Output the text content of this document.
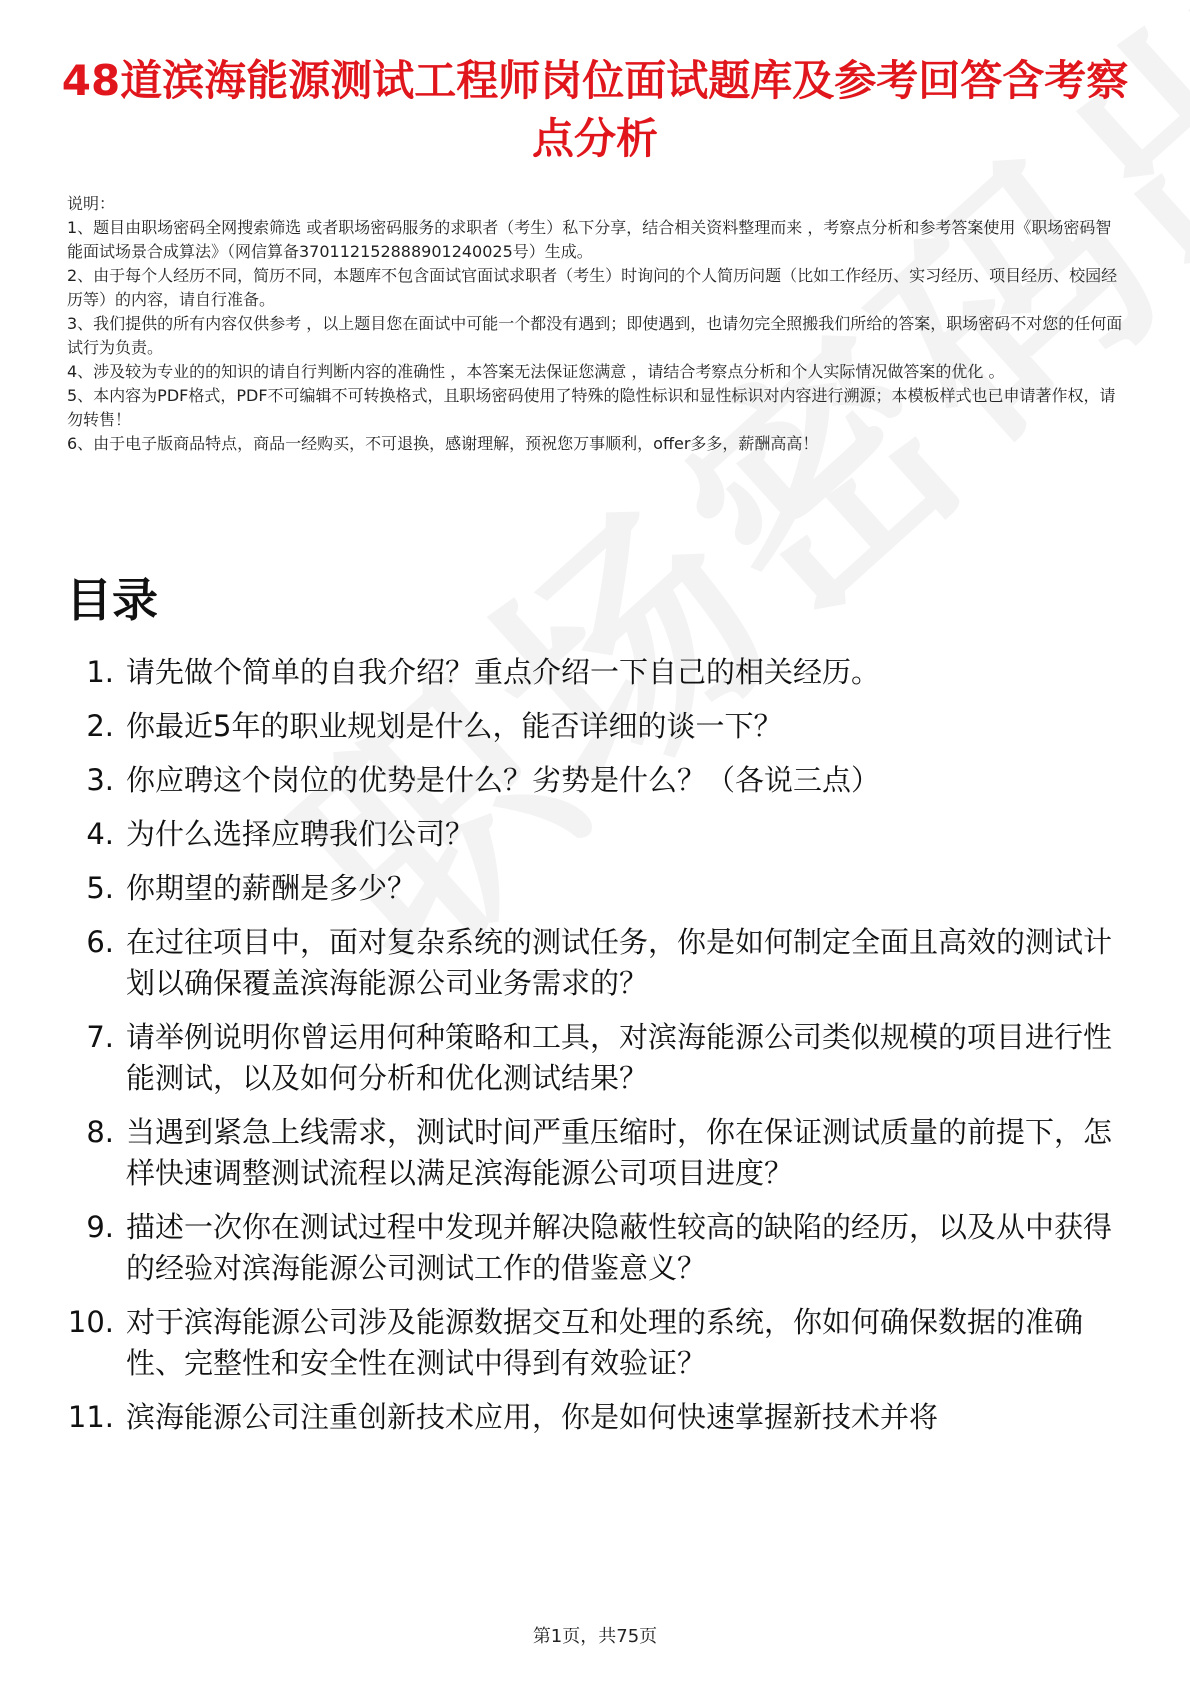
48道滨海能源测试工程师岗位面试题库及参考回答含考察点分析

说明：

1、题目由职场密码全网搜索筛选 或者职场密码服务的求职者（考生）私下分享，结合相关资料整理而来 ，考察点分析和参考答案使用《职场密码智能面试场景合成算法》（网信算备370112152888901240025号）生成。

2、由于每个人经历不同，简历不同，本题库不包含面试官面试求职者（考生）时询问的个人简历问题（比如工作经历、实习经历、项目经历、校园经历等）的内容，请自行准备。

3、我们提供的所有内容仅供参考 ，以上题目您在面试中可能一个都没有遇到；即使遇到，也请勿完全照搬我们所给的答案，职场密码不对您的任何面试行为负责。

4、涉及较为专业的的知识的请自行判断内容的准确性 ，本答案无法保证您满意 ，请结合考察点分析和个人实际情况做答案的优化 。

5、本内容为PDF格式，PDF不可编辑不可转换格式，且职场密码使用了特殊的隐性标识和显性标识对内容进行溯源；本模板样式也已申请著作权，请勿转售！

6、由于电子版商品特点，商品一经购买，不可退换，感谢理解，预祝您万事顺利，offer多多，薪酬高高！

目录
1. 请先做个简单的自我介绍？重点介绍一下自己的相关经历。
2. 你最近5年的职业规划是什么，能否详细的谈一下？
3. 你应聘这个岗位的优势是什么？劣势是什么？（各说三点）
4. 为什么选择应聘我们公司？
5. 你期望的薪酬是多少？
6. 在过往项目中，面对复杂系统的测试任务，你是如何制定全面且高效的测试计划以确保覆盖滨海能源公司业务需求的？
7. 请举例说明你曾运用何种策略和工具，对滨海能源公司类似规模的项目进行性能测试，以及如何分析和优化测试结果？
8. 当遇到紧急上线需求，测试时间严重压缩时，你在保证测试质量的前提下，怎样快速调整测试流程以满足滨海能源公司项目进度？
9. 描述一次你在测试过程中发现并解决隐蔽性较高的缺陷的经历，以及从中获得的经验对滨海能源公司测试工作的借鉴意义？
10. 对于滨海能源公司涉及能源数据交互和处理的系统，你如何确保数据的准确性、完整性和安全性在测试中得到有效验证？
11. 滨海能源公司注重创新技术应用，你是如何快速掌握新技术并将
第1页，共75页
